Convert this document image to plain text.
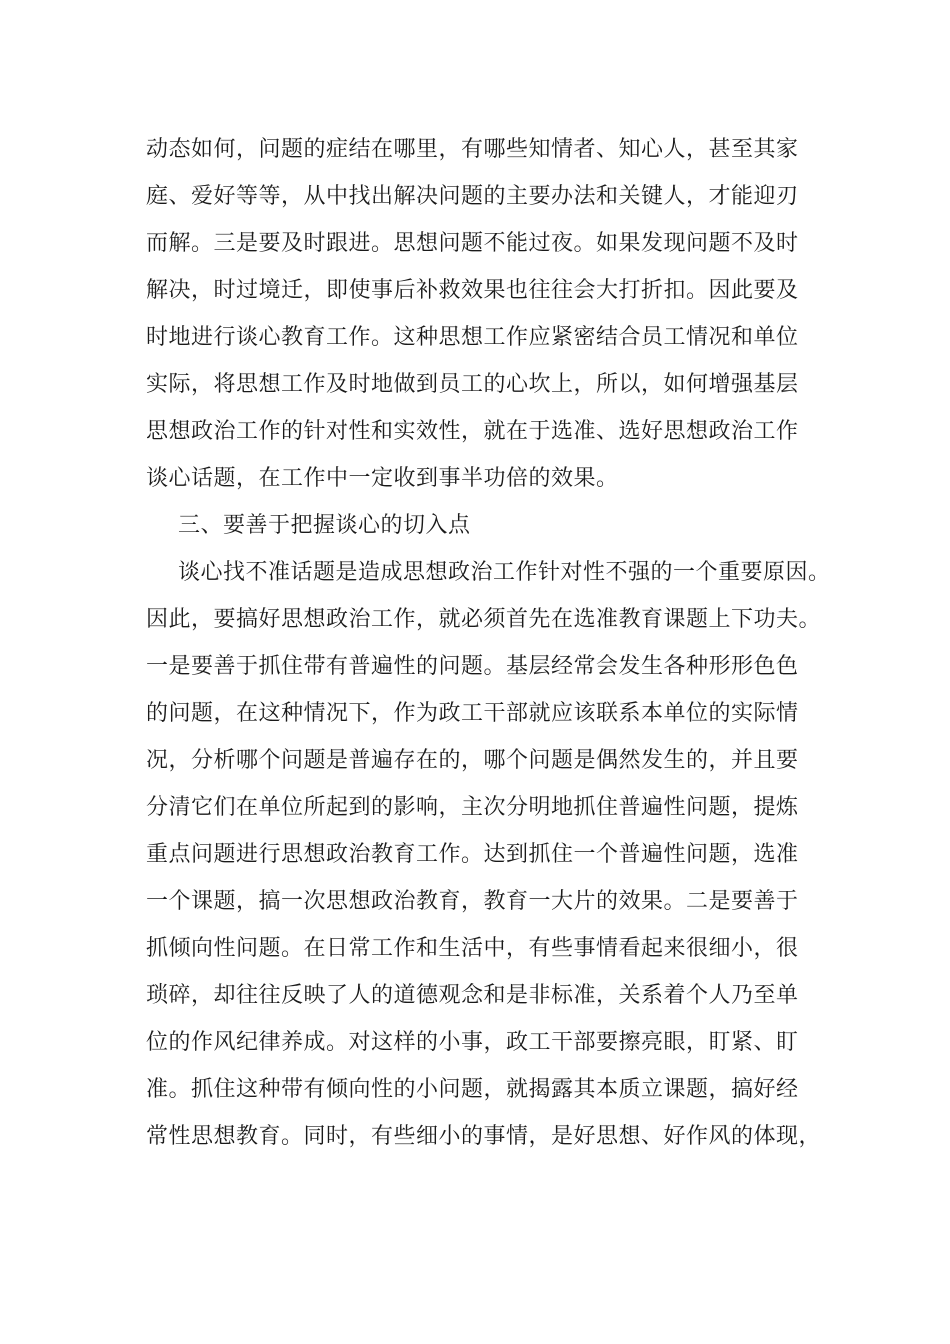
动态如何，问题的症结在哪里，有哪些知情者、知心人，甚至其家
庭、爱好等等，从中找出解决问题的主要办法和关键人，才能迎刃
而解。三是要及时跟进。思想问题不能过夜。如果发现问题不及时
解决，时过境迁，即使事后补救效果也往往会大打折扣。因此要及
时地进行谈心教育工作。这种思想工作应紧密结合员工情况和单位
实际，将思想工作及时地做到员工的心坎上，所以，如何增强基层
思想政治工作的针对性和实效性，就在于选准、选好思想政治工作
谈心话题，在工作中一定收到事半功倍的效果。
三、要善于把握谈心的切入点
谈心找不准话题是造成思想政治工作针对性不强的一个重要原因。
因此，要搞好思想政治工作，就必须首先在选准教育课题上下功夫。
一是要善于抓住带有普遍性的问题。基层经常会发生各种形形色色
的问题，在这种情况下，作为政工干部就应该联系本单位的实际情
况，分析哪个问题是普遍存在的，哪个问题是偶然发生的，并且要
分清它们在单位所起到的影响，主次分明地抓住普遍性问题，提炼
重点问题进行思想政治教育工作。达到抓住一个普遍性问题，选准
一个课题，搞一次思想政治教育，教育一大片的效果。二是要善于
抓倾向性问题。在日常工作和生活中，有些事情看起来很细小，很
琐碎，却往往反映了人的道德观念和是非标准，关系着个人乃至单
位的作风纪律养成。对这样的小事，政工干部要擦亮眼，盯紧、盯
准。抓住这种带有倾向性的小问题，就揭露其本质立课题，搞好经
常性思想教育。同时，有些细小的事情，是好思想、好作风的体现，
